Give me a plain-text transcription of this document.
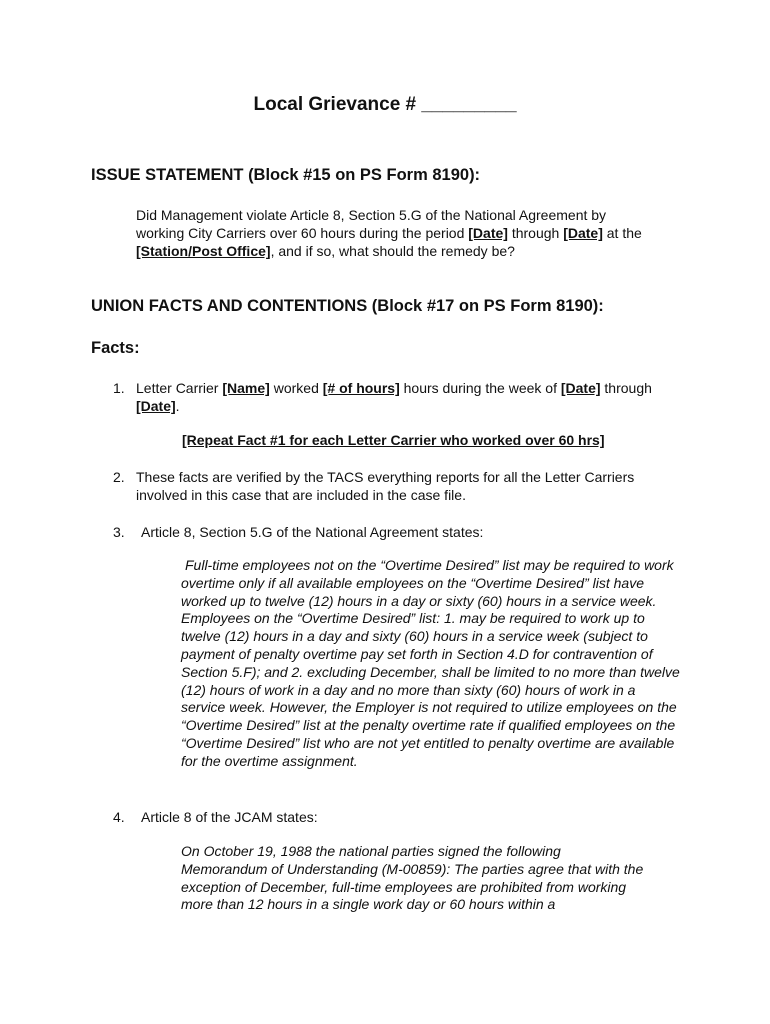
Local Grievance # _________
ISSUE STATEMENT (Block #15 on PS Form 8190):
Did Management violate Article 8, Section 5.G of the National Agreement by working City Carriers over 60 hours during the period [Date] through [Date] at the [Station/Post Office], and if so, what should the remedy be?
UNION FACTS AND CONTENTIONS (Block #17 on PS Form 8190):
Facts:
1. Letter Carrier [Name] worked [# of hours] hours during the week of [Date] through [Date].
[Repeat Fact #1 for each Letter Carrier who worked over 60 hrs]
2. These facts are verified by the TACS everything reports for all the Letter Carriers involved in this case that are included in the case file.
3. Article 8, Section 5.G of the National Agreement states:
Full-time employees not on the “Overtime Desired” list may be required to work overtime only if all available employees on the “Overtime Desired” list have worked up to twelve (12) hours in a day or sixty (60) hours in a service week. Employees on the “Overtime Desired” list: 1. may be required to work up to twelve (12) hours in a day and sixty (60) hours in a service week (subject to payment of penalty overtime pay set forth in Section 4.D for contravention of Section 5.F); and 2. excluding December, shall be limited to no more than twelve (12) hours of work in a day and no more than sixty (60) hours of work in a service week. However, the Employer is not required to utilize employees on the “Overtime Desired” list at the penalty overtime rate if qualified employees on the “Overtime Desired” list who are not yet entitled to penalty overtime are available for the overtime assignment.
4. Article 8 of the JCAM states:
On October 19, 1988 the national parties signed the following Memorandum of Understanding (M-00859): The parties agree that with the exception of December, full-time employees are prohibited from working more than 12 hours in a single work day or 60 hours within a
